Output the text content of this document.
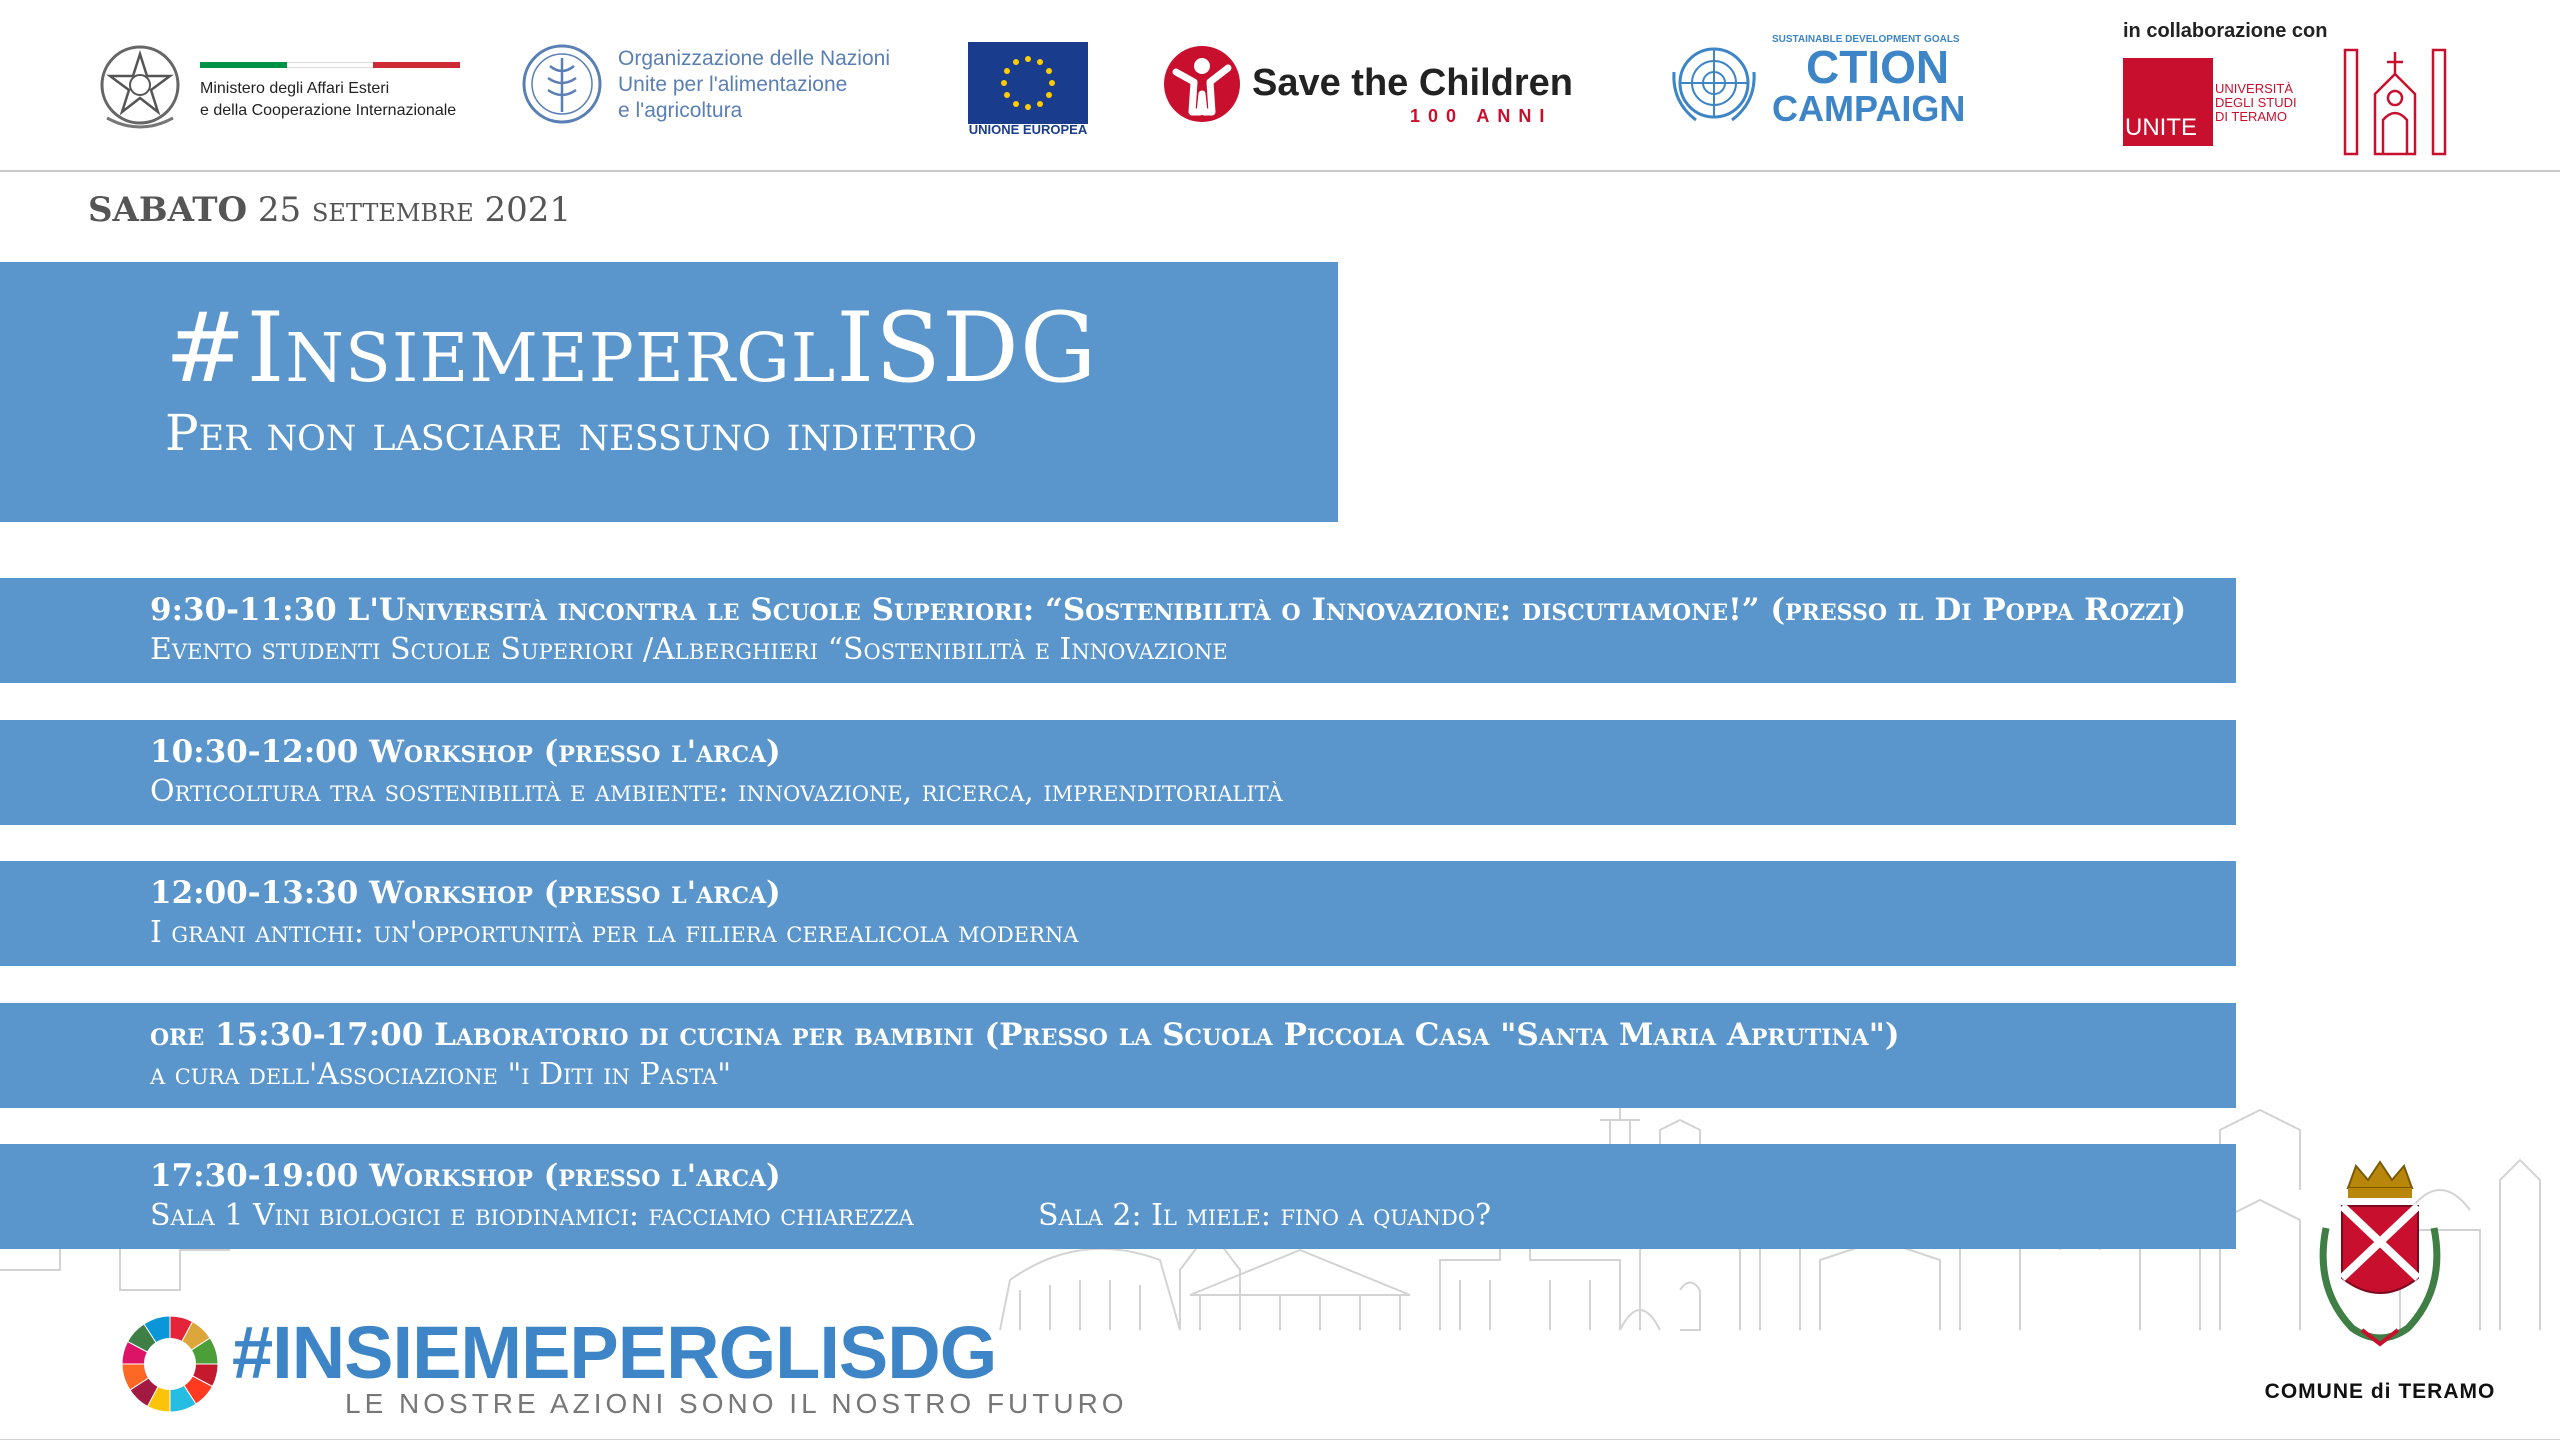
Ministero degli Affari Esteri
e della Cooperazione Internazionale
Organizzazione delle Nazioni
Unite per l'alimentazione
e l'agricoltura
UNIONE EUROPEA
Save the Children
100 ANNI
SUSTAINABLE DEVELOPMENT GOALS
CTION
CAMPAIGN
in collaborazione con
UNITE
UNIVERSITÀ
DEGLI STUDI
DI TERAMO
SABATO 25 settembre 2021
#InsiemeperglISDG
Per non lasciare nessuno indietro
9:30-11:30 L'Università incontra le Scuole Superiori: “Sostenibilità o Innovazione: discutiamone!” (presso il Di Poppa Rozzi)
Evento studenti Scuole Superiori /Alberghieri “Sostenibilità e Innovazione
10:30-12:00 Workshop (presso l'arca)
Orticoltura tra sostenibilità e ambiente: innovazione, ricerca, imprenditorialità
12:00-13:30 Workshop (presso l'arca)
I grani antichi: un'opportunità per la filiera cerealicola moderna
ore 15:30-17:00 Laboratorio di cucina per bambini (Presso la Scuola Piccola Casa "Santa Maria Aprutina")
a cura dell'Associazione "i Diti in Pasta"
17:30-19:00 Workshop (presso l'arca)
Sala 1 Vini biologici e biodinamici: facciamo chiarezza	Sala 2: Il miele: fino a quando?
#INSIEMEPERGLISDG
LE NOSTRE AZIONI SONO IL NOSTRO FUTURO
TERAMUM
COMUNE di TERAMO
